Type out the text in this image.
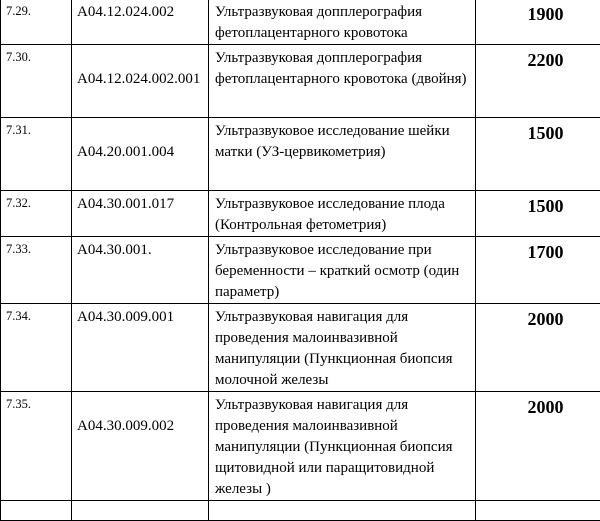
7.29.	A04.12.024.002	Ультразвуковая допплерография фетоплацентарного кровотока	1900

7.30.	A04.12.024.002.001	Ультразвуковая допплерография фетоплацентарного кровотока (двойня)	2200

7.31.	A04.20.001.004	Ультразвуковое исследование шейки матки (УЗ-цервикометрия)	1500

7.32.	A04.30.001.017	Ультразвуковое исследование плода (Контрольная фетометрия)	1500

7.33.	A04.30.001.	Ультразвуковое исследование при беременности – краткий осмотр (один параметр)	1700

7.34.	A04.30.009.001	Ультразвуковая навигация для проведения малоинвазивной манипуляции (Пункционная биопсия молочной железы	2000

7.35.	A04.30.009.002	Ультразвуковая навигация для проведения малоинвазивной манипуляции (Пункционная биопсия щитовидной или паращитовидной железы )	2000
